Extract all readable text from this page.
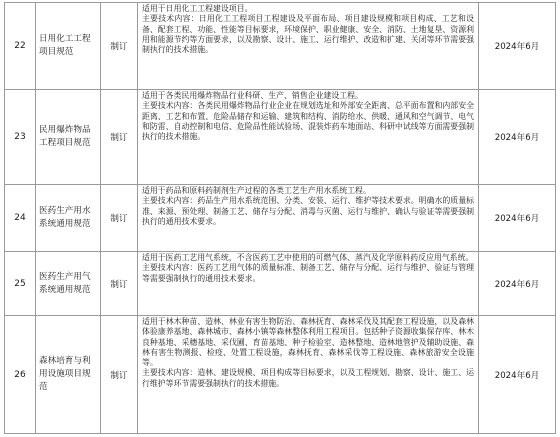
22	日用化工工程项目规范	制订	适用于日用化工工程建设项目。
主要技术内容：日用化工工程项目工程建设及平面布局、项目建设规模和项目构成、工艺和设备、配套工程、功能、性能等目标要求，环境保护、职业健康、安全、消防、土地复垦、资源利用和能源节约等方面要求，以及勘察、设计、施工、运行维护、改造和扩建、关闭等环节需要强制执行的技术措施。	2024年6月
23	民用爆炸物品工程项目规范	制订	适用于各类民用爆炸物品行业科研、生产、销售企业建设工程。
主要技术内容：各类民用爆炸物品行业企业在规划选址和外部安全距离、总平面布置和内部安全距离、工艺和布置、危险品储存和运输、建筑和结构、消防给水、供暖、通风和空气调节、电气和防雷、自动控制和电信、危险品性能试验场、混装炸药车地面站、科研中试线等方面需要强制执行的技术措施。	2024年6月
24	医药生产用水系统通用规范	制订	适用于药品和原料药制剂生产过程的各类工艺生产用水系统工程。
主要技术内容：药品生产用水系统范围、分类、安装、运行、维护等技术要求。明确水的质量标准、来源、预处理、制备工艺、储存与分配、消毒与灭菌、运行与维护、确认与验证等需要强制执行的通用技术要求。	2024年6月
25	医药生产用气系统通用规范	制订	适用于医药工艺用气系统，不含医药工艺中使用的可燃气体、蒸汽及化学原料药反应用气系统。
主要技术内容：医药工艺用气体的质量标准、制备工艺、储存与分配、运行与维护、验证与管理等需要强制执行的通用技术要求。	2024年6月
26	森林培育与利用设施项目规范	制订	适用于林木种苗、造林、林业有害生物防治、森林抚育、森林采伐及其配套工程设施，以及森林体验康养基地、森林城市、森林小镇等森林整体利用工程项目。包括种子资源收集保存库、林木良种基地、采穗基地、采伐圃、育苗基地、种子检验室、造林整地、造林地管护及辅助设施、森林有害生物测报、检疫、处置工程设施，森林抚育、森林采伐等工程设施、森林旅游安全设施等。
主要技术内容：造林、建设规模、项目构成等目标要求，以及工程规划、勘察、设计、施工、运行维护等环节需要强制执行的技术措施。	2024年6月
